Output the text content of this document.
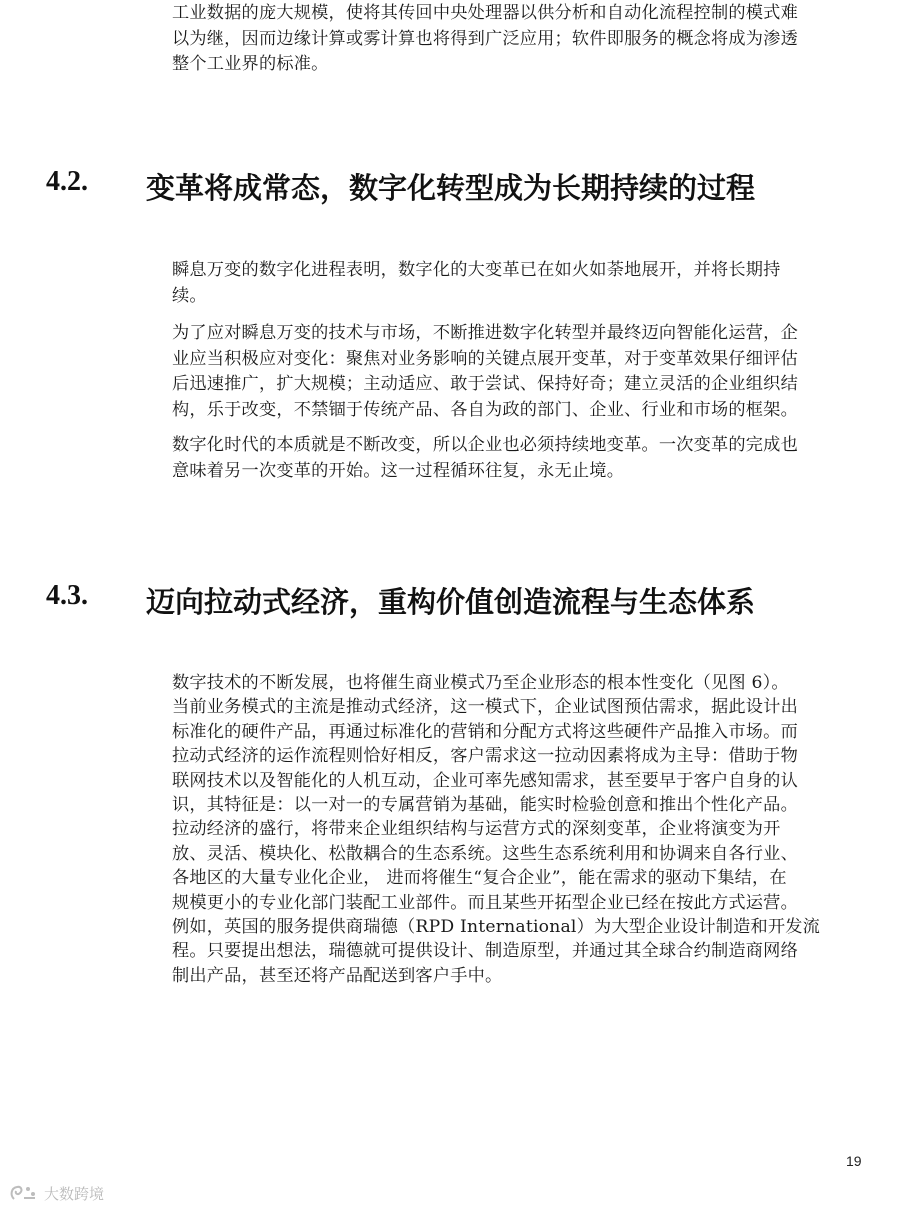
工业数据的庞大规模，使将其传回中央处理器以供分析和自动化流程控制的模式难
以为继，因而边缘计算或雾计算也将得到广泛应用；软件即服务的概念将成为渗透
整个工业界的标准。
4.2. 变革将成常态，数字化转型成为长期持续的过程
瞬息万变的数字化进程表明，数字化的大变革已在如火如荼地展开，并将长期持
续。
为了应对瞬息万变的技术与市场，不断推进数字化转型并最终迈向智能化运营，企
业应当积极应对变化：聚焦对业务影响的关键点展开变革，对于变革效果仔细评估
后迅速推广，扩大规模；主动适应、敢于尝试、保持好奇；建立灵活的企业组织结
构，乐于改变，不禁锢于传统产品、各自为政的部门、企业、行业和市场的框架。
数字化时代的本质就是不断改变，所以企业也必须持续地变革。一次变革的完成也
意味着另一次变革的开始。这一过程循环往复，永无止境。
4.3. 迈向拉动式经济，重构价值创造流程与生态体系
数字技术的不断发展，也将催生商业模式乃至企业形态的根本性变化（见图 6）。
当前业务模式的主流是推动式经济，这一模式下，企业试图预估需求，据此设计出
标准化的硬件产品，再通过标准化的营销和分配方式将这些硬件产品推入市场。而
拉动式经济的运作流程则恰好相反，客户需求这一拉动因素将成为主导：借助于物
联网技术以及智能化的人机互动，企业可率先感知需求，甚至要早于客户自身的认
识，其特征是：以一对一的专属营销为基础，能实时检验创意和推出个性化产品。
拉动经济的盛行，将带来企业组织结构与运营方式的深刻变革，企业将演变为开
放、灵活、模块化、松散耦合的生态系统。这些生态系统利用和协调来自各行业、
各地区的大量专业化企业， 进而将催生“复合企业”，能在需求的驱动下集结，在
规模更小的专业化部门装配工业部件。而且某些开拓型企业已经在按此方式运营。
例如，英国的服务提供商瑞德（RPD International）为大型企业设计制造和开发流
程。只要提出想法，瑞德就可提供设计、制造原型，并通过其全球合约制造商网络
制出产品，甚至还将产品配送到客户手中。
19
大数跨境
